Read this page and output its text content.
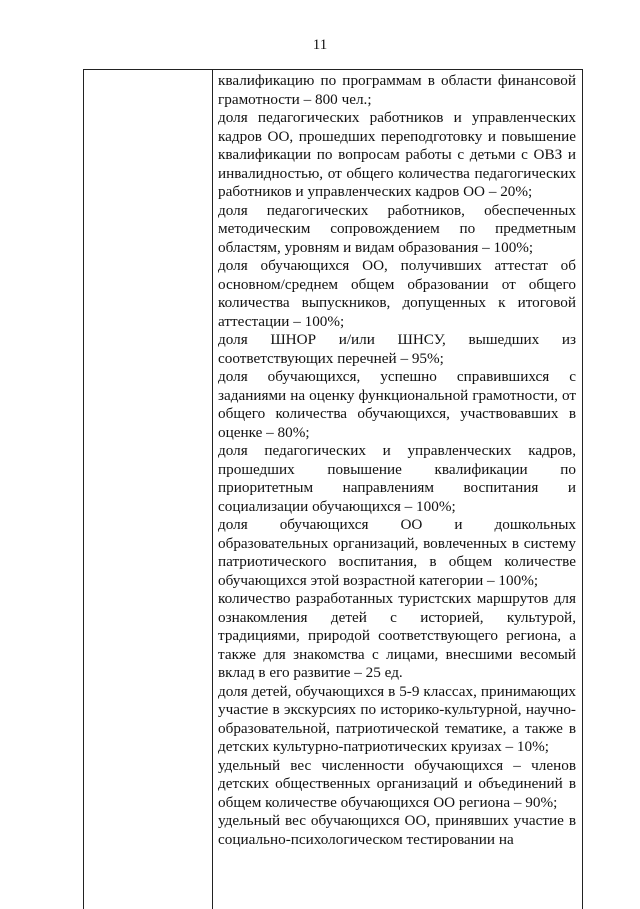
11

квалификацию по программам в области финансовой грамотности – 800 чел.;

доля педагогических работников и управленческих кадров ОО, прошедших переподготовку и повышение квалификации по вопросам работы с детьми с ОВЗ и инвалидностью, от общего количества педагогических работников и управленческих кадров ОО – 20%;

доля педагогических работников, обеспеченных методическим сопровождением по предметным областям, уровням и видам образования – 100%;

доля обучающихся ОО, получивших аттестат об основном/среднем общем образовании от общего количества выпускников, допущенных к итоговой аттестации – 100%;

доля ШНОР и/или ШНСУ, вышедших из соответствующих перечней – 95%;

доля обучающихся, успешно справившихся с заданиями на оценку функциональной грамотности, от общего количества обучающихся, участвовавших в оценке – 80%;

доля педагогических и управленческих кадров, прошедших повышение квалификации по приоритетным направлениям воспитания и социализации обучающихся – 100%;

доля обучающихся ОО и дошкольных образовательных организаций, вовлеченных в систему патриотического воспитания, в общем количестве обучающихся этой возрастной категории – 100%;

количество разработанных туристских маршрутов для ознакомления детей с историей, культурой, традициями, природой соответствующего региона, а также для знакомства с лицами, внесшими весомый вклад в его развитие – 25 ед.

доля детей, обучающихся в 5-9 классах, принимающих участие в экскурсиях по историко-культурной, научно-образовательной, патриотической тематике, а также в детских культурно-патриотических круизах – 10%;

удельный вес численности обучающихся – членов детских общественных организаций и объединений в общем количестве обучающихся ОО региона – 90%;

удельный вес обучающихся ОО, принявших участие в социально-психологическом тестировании на
